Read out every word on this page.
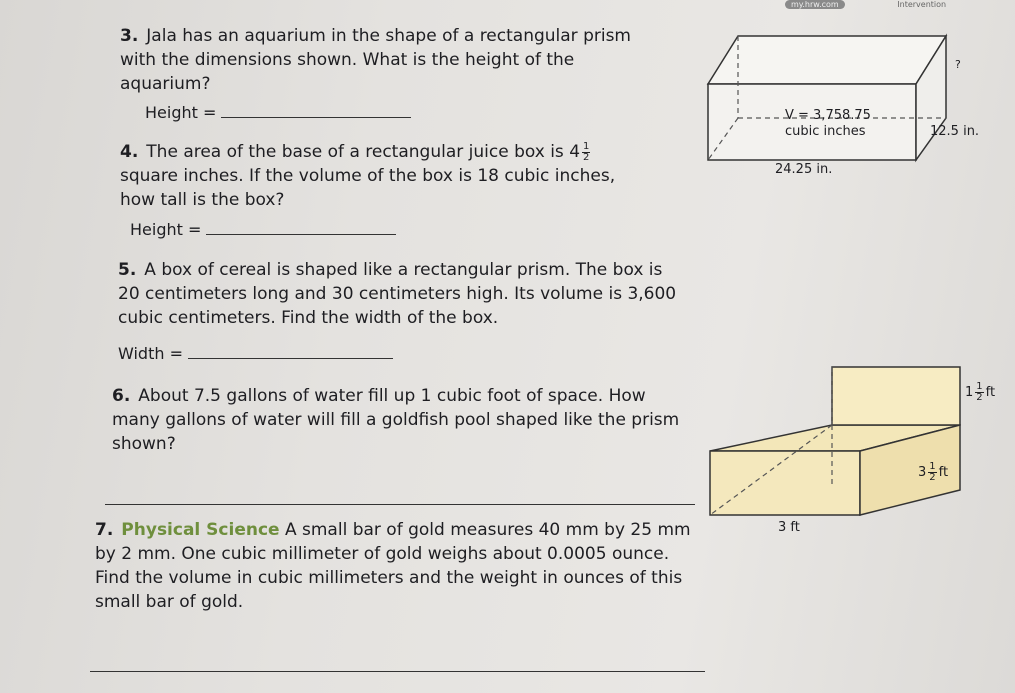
my.hrw.com	Intervention
3. Jala has an aquarium in the shape of a rectangular prism with the dimensions shown. What is the height of the aquarium?
Height =
4. The area of the base of a rectangular juice box is $4 \frac{1}{2}$
square inches. If the volume of the box is 18 cubic inches, how tall is the box?
Height =
5. A box of cereal is shaped like a rectangular prism. The box is 20 centimeters long and 30 centimeters high. Its volume is 3,600 cubic centimeters. Find the width of the box.
Width =
6. About 7.5 gallons of water fill up 1 cubic foot of space. How many gallons of water will fill a goldfish pool shaped like the prism shown?
7. Physical Science A small bar of gold measures 40 mm by 25 mm by 2 mm. One cubic millimeter of gold weighs about 0.0005 ounce. Find the volume in cubic millimeters and the weight in ounces of this small bar of gold.
V = 3,758.75
cubic inches
?
12.5 in.
24.25 in.
$1 \frac{1}{2}$ ft
$3 \frac{1}{2}$ ft
3 ft
